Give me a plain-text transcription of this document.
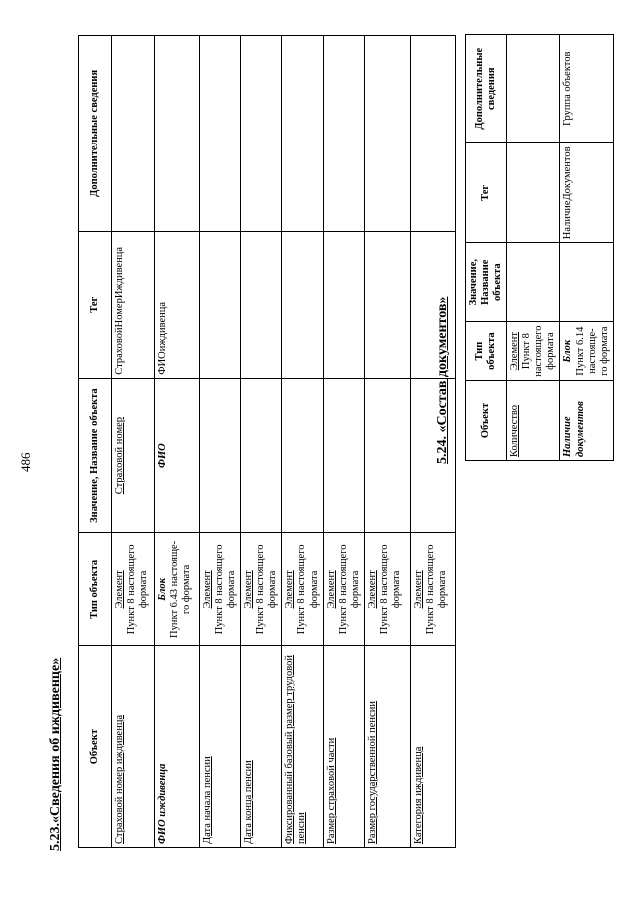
486
5.23.«Сведения об иждивенце» Объект	Тип объекта	Значение, Название объекта	Тег	Дополнительные сведения
Страховой номер иждивенца	Элемент Пункт 8 настоящего формата	Страховой номер	СтраховойНомерИждивенца	
ФИО иждивенца	Блок Пункт 6.43 настояще-го формата	ФИО	ФИОиждивенца	
Дата начала пенсии	Элемент Пункт 8 настоящего формата			
Дата конца пенсии	Элемент Пункт 8 настоящего формата			
Фиксированный базовый размер трудовой пенсии	Элемент Пункт 8 настоящего формата			
Размер страховой части	Элемент Пункт 8 настоящего формата			
Размер государственной пенсии	Элемент Пункт 8 настоящего формата			
Категория иждивенца	Элемент Пункт 8 настоящего формата			
5.24. «Состав документов»	Объект	Тип объекта	Значение, Название объекта	Тег	Дополнительные сведения
Количество	Элемент Пункт 8 настоящего формата			
Наличие документов	Блок Пункт 6.14 настояще-го формата		НаличиеДокументов	Группа объектов
